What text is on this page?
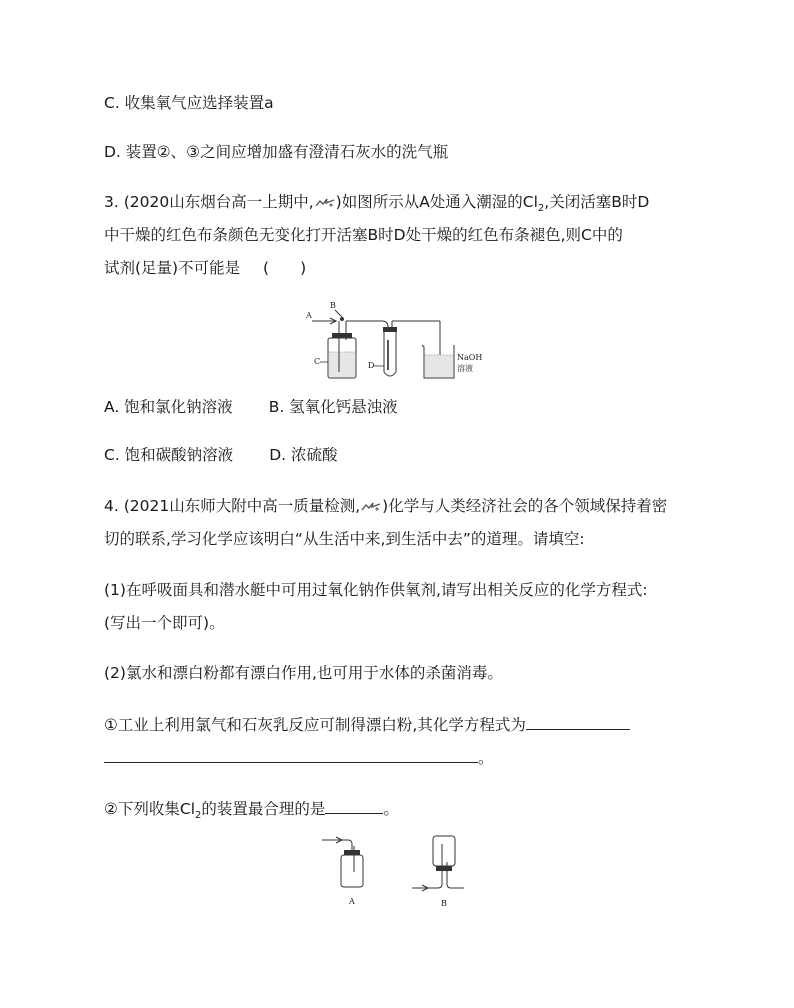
C. 收集氧气应选择装置a
D. 装置②、③之间应增加盛有澄清石灰水的洗气瓶
3. (2020山东烟台高一上期中, )如图所示从A处通入潮湿的$Cl_2$,关闭活塞B时D
中干燥的红色布条颜色无变化打开活塞B时D处干燥的红色布条褪色,则C中的
试剂(足量)不可能是 (　　)
A
B
C	D
NaOH
溶液
A. 饱和氯化钠溶液 B. 氢氧化钙悬浊液
C. 饱和碳酸钠溶液 D. 浓硫酸
4. (2021山东师大附中高一质量检测, )化学与人类经济社会的各个领域保持着密
切的联系,学习化学应该明白“从生活中来,到生活中去”的道理。请填空:
(1)在呼吸面具和潜水艇中可用过氧化钠作供氧剂,请写出相关反应的化学方程式:
(写出一个即可)。
(2)氯水和漂白粉都有漂白作用,也可用于水体的杀菌消毒。
①工业上利用氯气和石灰乳反应可制得漂白粉,其化学方程式为
。
②下列收集$Cl_2$的装置最合理的是	。
A	B
